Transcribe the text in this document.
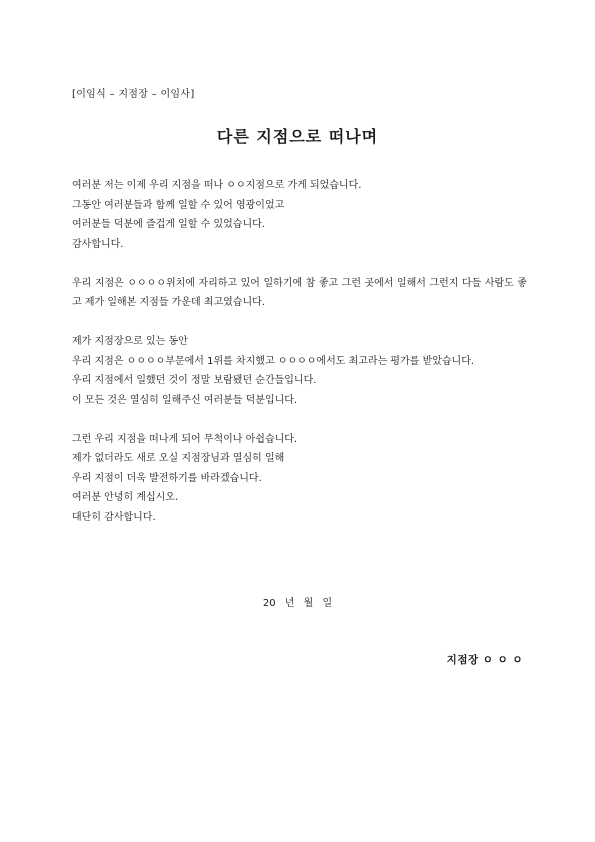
[이임식 – 지점장 – 이임사]
다른 지점으로 떠나며
여러분 저는 이제 우리 지점을 떠나 ㅇㅇ지점으로 가게 되었습니다.
그동안 여러분들과 함께 일할 수 있어 영광이었고
여러분들 덕분에 즐겁게 일할 수 있었습니다.
감사합니다.
우리 지점은 ㅇㅇㅇㅇ위치에 자리하고 있어 일하기에 참 좋고 그런 곳에서 일해서 그런지 다들 사람도 좋고 제가 일해본 지점들 가운데 최고였습니다.
제가 지점장으로 있는 동안
우리 지점은 ㅇㅇㅇㅇ부문에서 1위를 차지했고 ㅇㅇㅇㅇ에서도 최고라는 평가를 받았습니다.
우리 지점에서 일했던 것이 정말 보람됐던 순간들입니다.
이 모든 것은 열심히 일해주신 여러분들 덕분입니다.
그런 우리 지점을 떠나게 되어 무척이나 아쉽습니다.
제가 없더라도 새로 오실 지점장님과 열심히 일해
우리 지점이 더욱 발전하기를 바라겠습니다.
여러분 안녕히 계십시오.
대단히 감사합니다.
20 년 월 일
지점장 ㅇ ㅇ ㅇ
